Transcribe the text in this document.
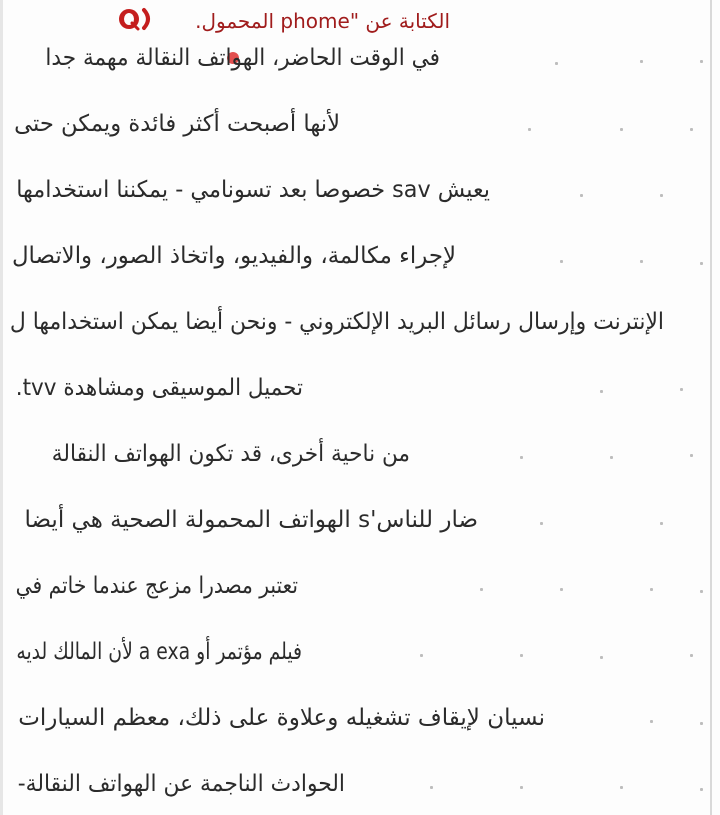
الكتابة عن "phome المحمول.
في الوقت الحاضر، الهواتف النقالة مهمة جدا
لأنها أصبحت أكثر فائدة ويمكن حتى
يعيش sav خصوصا بعد تسونامي - يمكننا استخدامها
لإجراء مكالمة، والفيديو، واتخاذ الصور، والاتصال
الإنترنت وإرسال رسائل البريد الإلكتروني - ونحن أيضا يمكن استخدامها ل
تحميل الموسيقى ومشاهدة tvv.
من ناحية أخرى، قد تكون الهواتف النقالة
ضار للناس's الهواتف المحمولة الصحية هي أيضا
تعتبر مصدرا مزعج عندما خاتم في
فيلم مؤتمر أو a exa لأن المالك لديه
نسيان لإيقاف تشغيله وعلاوة على ذلك، معظم السيارات
الحوادث الناجمة عن الهواتف النقالة-
